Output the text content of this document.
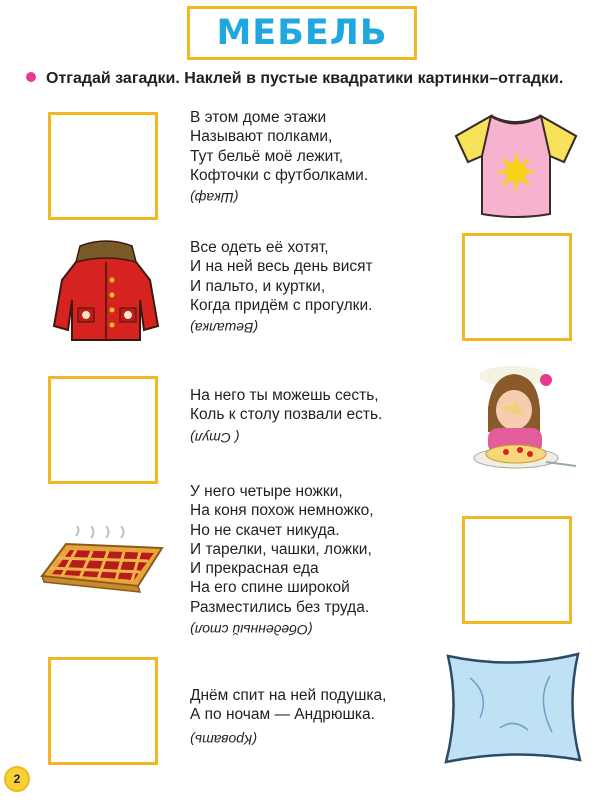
МЕБЕЛЬ
Отгадай загадки. Наклей в пустые квадратики картинки–отгадки.
В этом доме этажи
Называют полками,
Тут бельё моё лежит,
Кофточки с футболками.
(Шкаф)
Все одеть её хотят,
И на ней весь день висят
И пальто, и куртки,
Когда придём с прогулки.
(Вешалка)
На него ты можешь сесть,
Коль к столу позвали есть.
( Стул)
У него четыре ножки,
На коня похож немножко,
Но не скачет никуда.
И тарелки, чашки, ложки,
И прекрасная еда
На его спине широкой
Разместились без труда.
(Обеденный стол)
Днём спит на ней подушка,
А по ночам — Андрюшка.
(Кровать)
2
